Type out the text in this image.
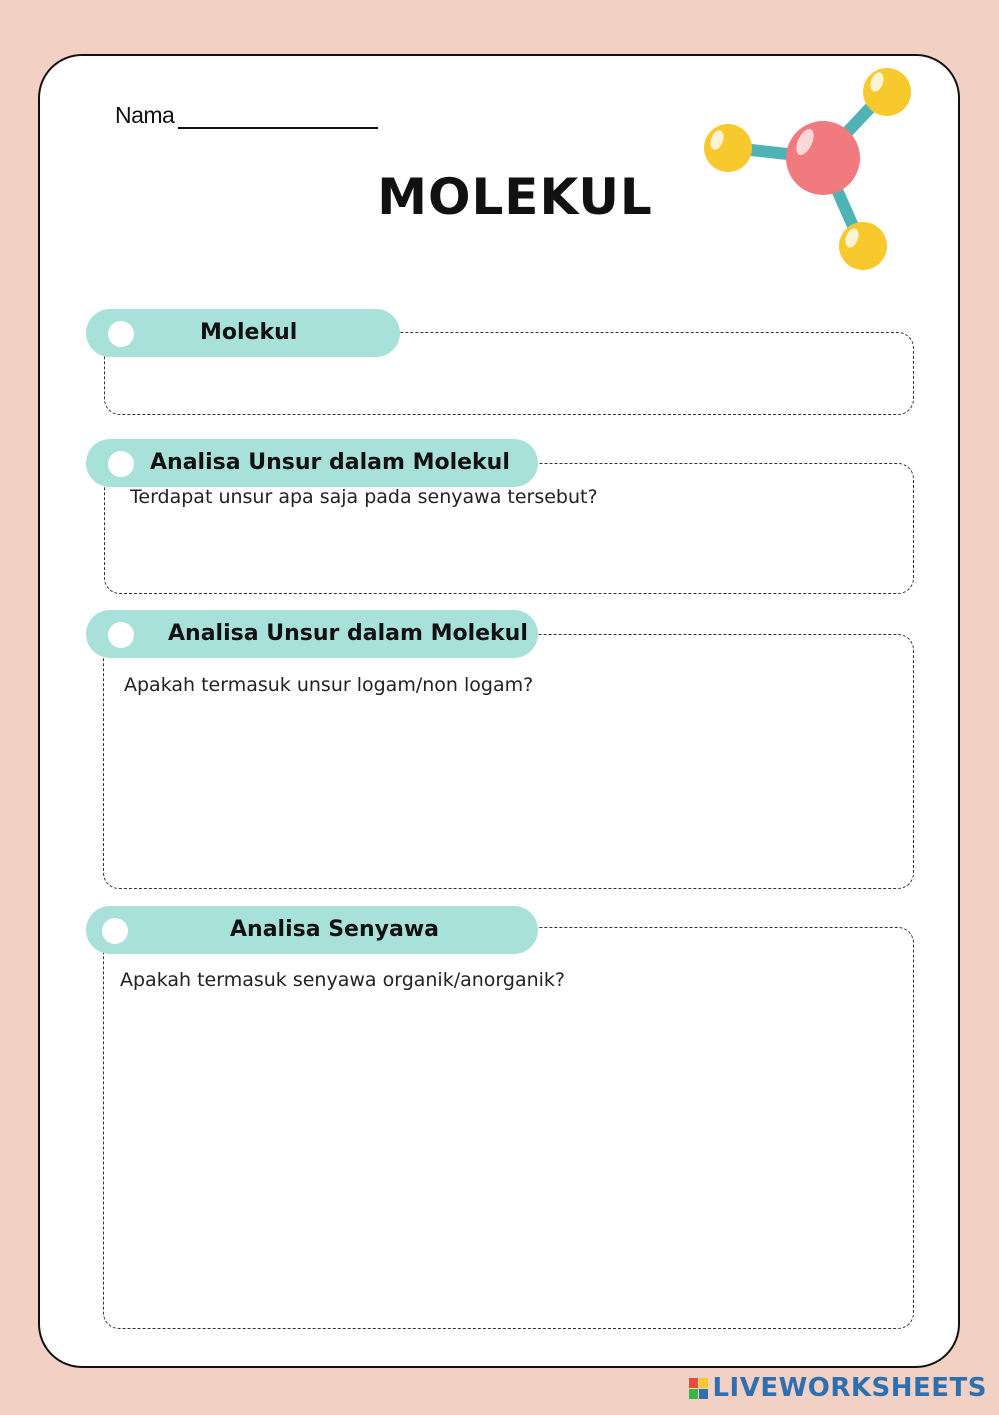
Nama
MOLEKUL
Molekul
Analisa Unsur dalam Molekul
Terdapat unsur apa saja pada senyawa tersebut?
Analisa Unsur dalam Molekul
Apakah termasuk unsur logam/non logam?
Analisa Senyawa
Apakah termasuk senyawa organik/anorganik?
LIVEWORKSHEETS
